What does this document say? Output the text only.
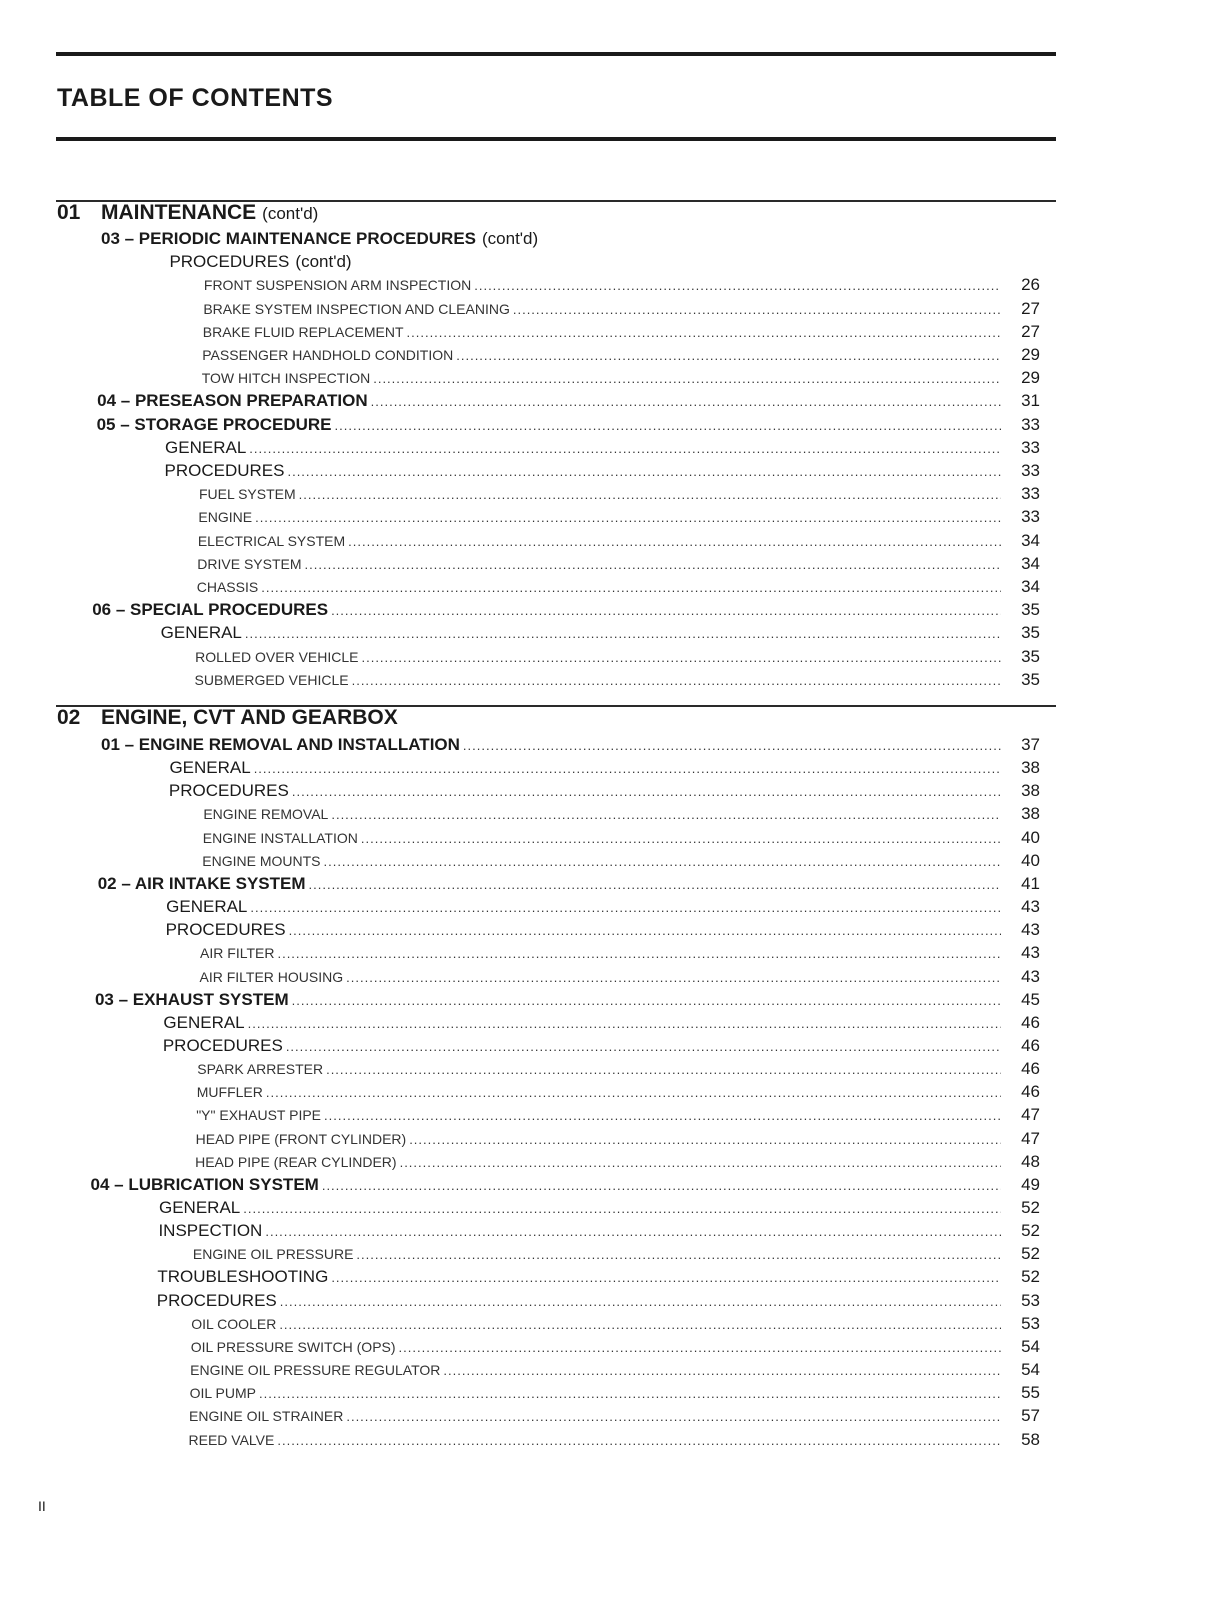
TABLE OF CONTENTS
01 MAINTENANCE (cont'd)
03 – PERIODIC MAINTENANCE PROCEDURES (cont'd)
PROCEDURES (cont'd)
FRONT SUSPENSION ARM INSPECTION .....	26
BRAKE SYSTEM INSPECTION AND CLEANING .....	27
BRAKE FLUID REPLACEMENT .....	27
PASSENGER HANDHOLD CONDITION .....	29
TOW HITCH INSPECTION .....	29
04 – PRESEASON PREPARATION .....	31
05 – STORAGE PROCEDURE .....	33
GENERAL .....	33
PROCEDURES .....	33
FUEL SYSTEM .....	33
ENGINE .....	33
ELECTRICAL SYSTEM .....	34
DRIVE SYSTEM .....	34
CHASSIS .....	34
06 – SPECIAL PROCEDURES .....	35
GENERAL .....	35
ROLLED OVER VEHICLE .....	35
SUBMERGED VEHICLE .....	35
02 ENGINE, CVT AND GEARBOX
01 – ENGINE REMOVAL AND INSTALLATION .....	37
GENERAL .....	38
PROCEDURES .....	38
ENGINE REMOVAL .....	38
ENGINE INSTALLATION .....	40
ENGINE MOUNTS .....	40
02 – AIR INTAKE SYSTEM .....	41
GENERAL .....	43
PROCEDURES .....	43
AIR FILTER .....	43
AIR FILTER HOUSING .....	43
03 – EXHAUST SYSTEM .....	45
GENERAL .....	46
PROCEDURES .....	46
SPARK ARRESTER .....	46
MUFFLER .....	46
"Y" EXHAUST PIPE .....	47
HEAD PIPE (FRONT CYLINDER) .....	47
HEAD PIPE (REAR CYLINDER) .....	48
04 – LUBRICATION SYSTEM .....	49
GENERAL .....	52
INSPECTION .....	52
ENGINE OIL PRESSURE .....	52
TROUBLESHOOTING .....	52
PROCEDURES .....	53
OIL COOLER .....	53
OIL PRESSURE SWITCH (OPS) .....	54
ENGINE OIL PRESSURE REGULATOR .....	54
OIL PUMP .....	55
ENGINE OIL STRAINER .....	57
REED VALVE .....	58
II
